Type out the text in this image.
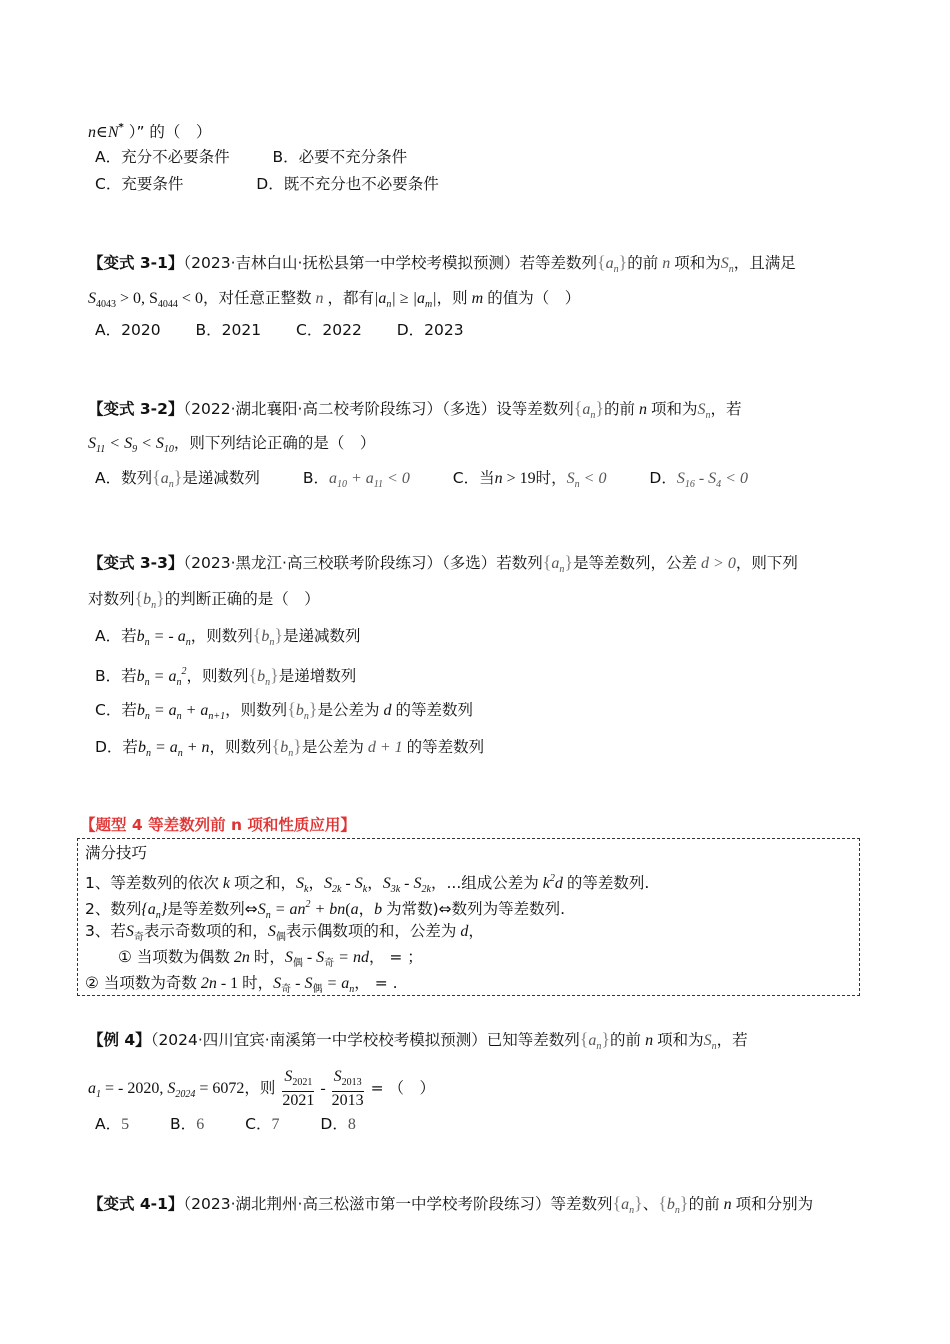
n∈N* ）” 的（　）
A．充分不必要条件	B．必要不充分条件
C．充要条件	D．既不充分也不必要条件
【变式 3-1】（2023·吉林白山·抚松县第一中学校考模拟预测）若等差数列$\{a_n\}$的前 n 项和为$S_n$，且满足
$S_{4043} > 0$, $S_{4044} < 0$，对任意正整数 n ，都有$|a_n| \ge |a_m|$，则 m 的值为（　）
A．2020 B．2021 C．2022 D．2023
【变式 3-2】（2022·湖北襄阳·高二校考阶段练习）（多选）设等差数列$\{a_n\}$的前 n 项和为$S_n$，若
$S_{11} < S_9 < S_{10}$，则下列结论正确的是（　）
A．数列$\{a_n\}$是递减数列	B．$a_{10} + a_{11} < 0$	C．当n > 19时，$S_n < 0$	D．$S_{16} - S_4 < 0$
【变式 3-3】（2023·黑龙江·高三校联考阶段练习）（多选）若数列$\{a_n\}$是等差数列，公差 d > 0，则下列
对数列$\{b_n\}$的判断正确的是（　）
A．若$b_n$ = - $a_n$，则数列$\{b_n\}$是递减数列
B．若$b_n = a_n^2$，则数列$\{b_n\}$是递增数列
C．若$b_n = a_n + a_{n+1}$，则数列$\{b_n\}$是公差为 d 的等差数列
D．若$b_n = a_n + n$，则数列$\{b_n\}$是公差为 d + 1 的等差数列
【题型 4 等差数列前 n 项和性质应用】
满分技巧
1、等差数列的依次 k 项之和，$S_k$，$S_{2k} - S_k$，$S_{3k} - S_{2k}$，...组成公差为 $k^2d$ 的等差数列.
2、数列$\{a_n\}$是等差数列$\Leftrightarrow S_n = an^2 + bn(a$，b 为常数)⇔数列为等差数列.
3、若$S_奇$表示奇数项的和，$S_偶$表示偶数项的和，公差为 d，
① 当项数为偶数 2n 时，$S_偶 - S_奇$ = nd， = ；
② 当项数为奇数 2n - 1 时，$S_奇 - S_偶 = a_n$， = .
【例 4】（2024·四川宜宾·南溪第一中学校校考模拟预测）已知等差数列$\{a_n\}$的前 n 项和为$S_n$，若
$a_1$ = - 2020, $S_{2024} = 6072$，则 $\frac{S_{2021}}{2021} - \frac{S_{2013}}{2013}$ = （　）
A．5	B．6	C．7	D．8
【变式 4-1】（2023·湖北荆州·高三松滋市第一中学校考阶段练习）等差数列$\{a_n\}$、$\{b_n\}$的前 n 项和分别为
